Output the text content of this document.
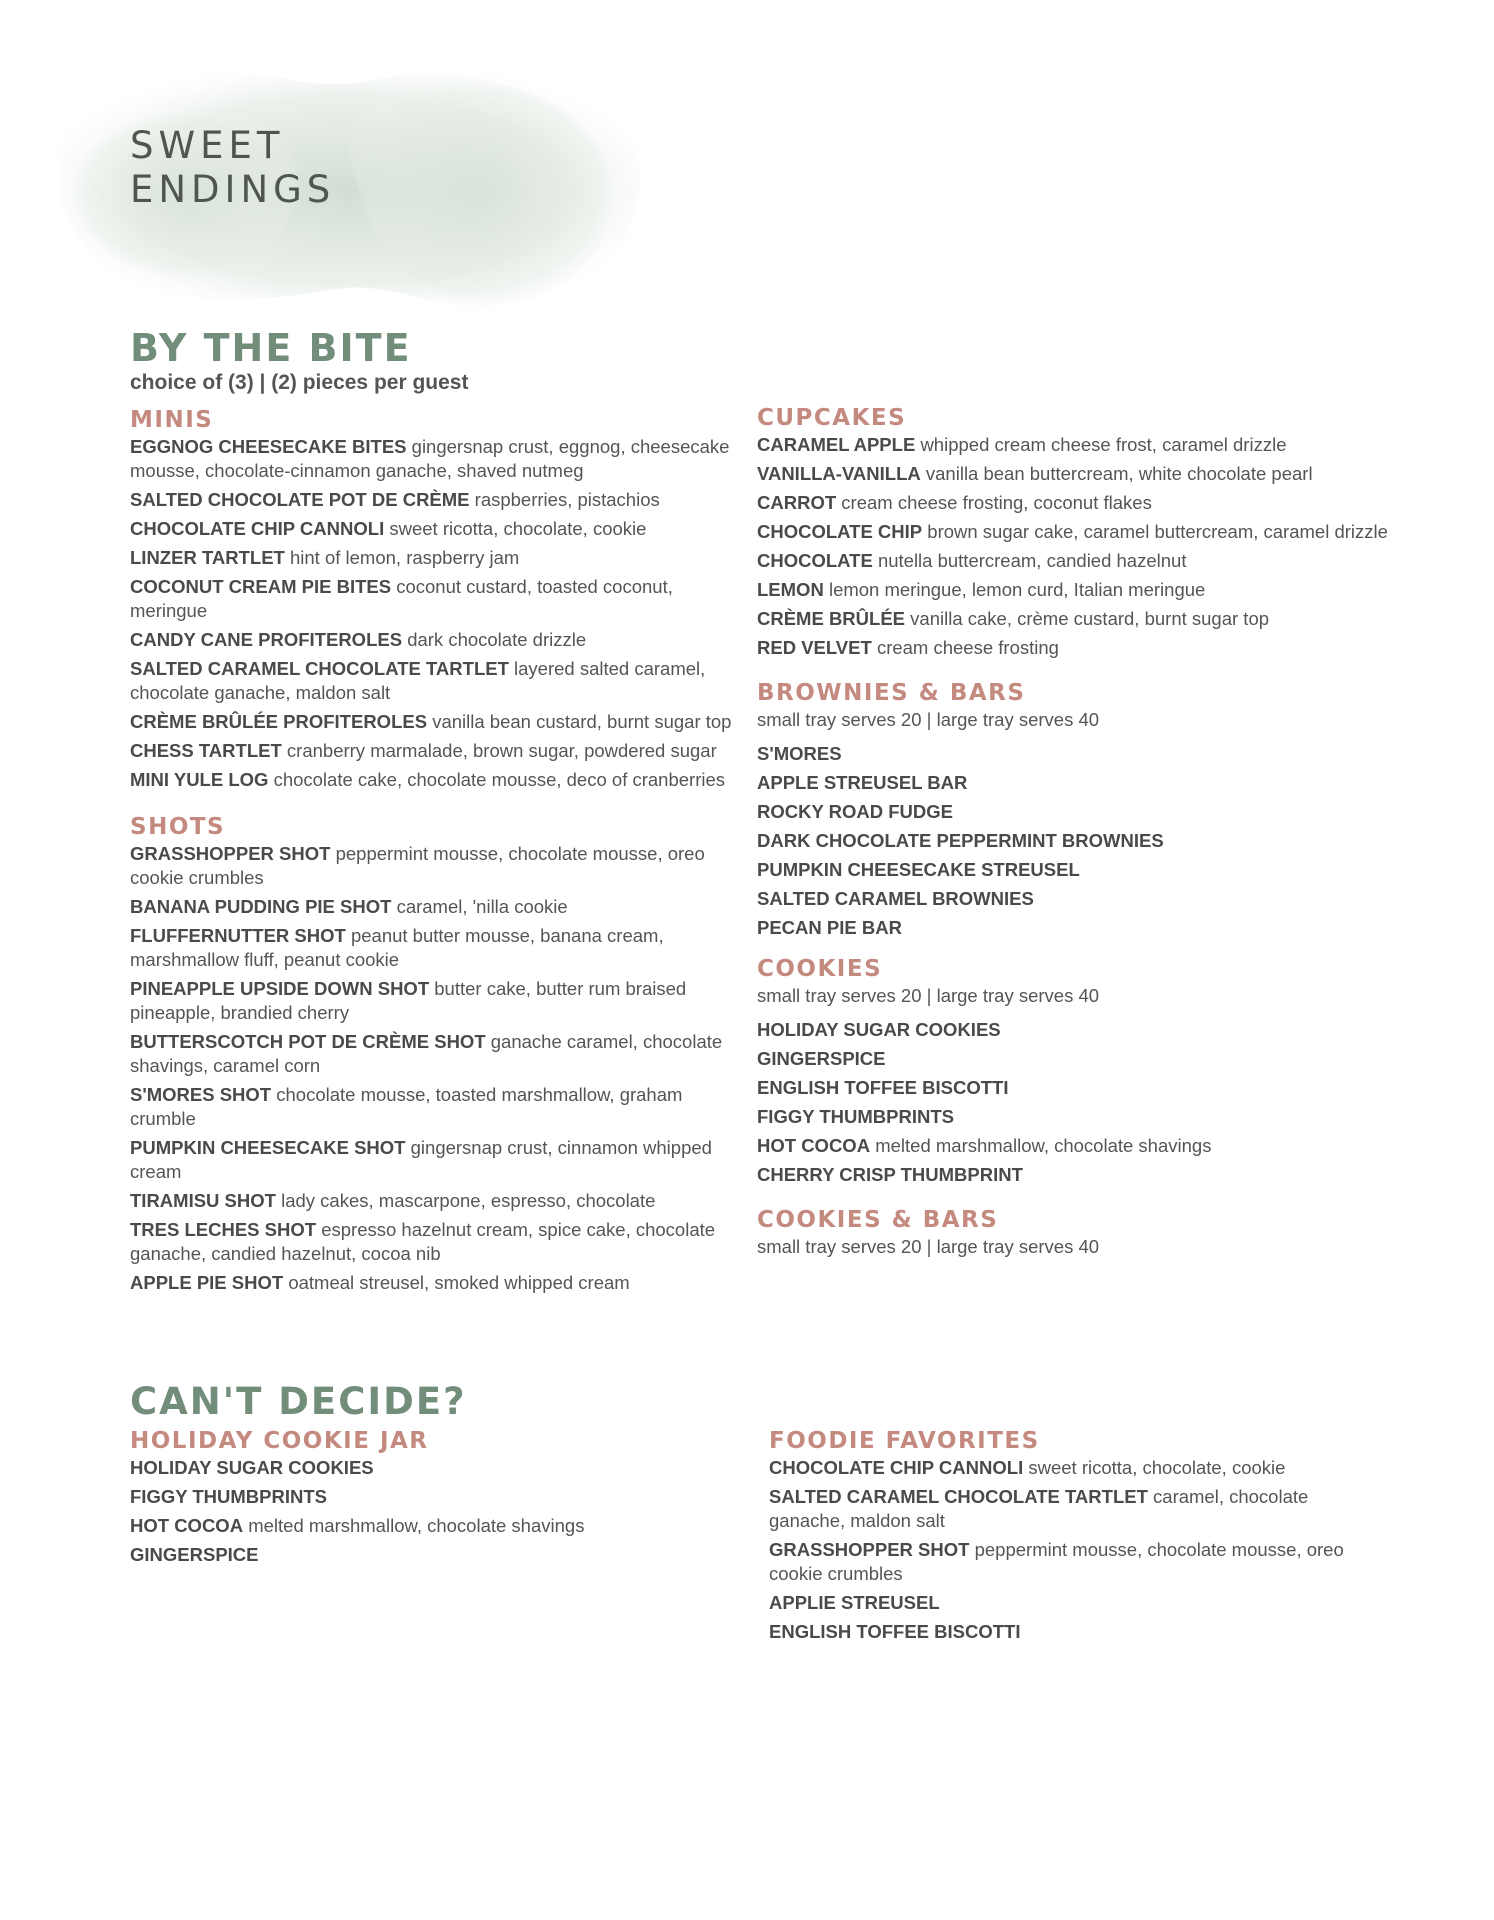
SWEET
ENDINGS
BY THE BITE

choice of (3) | (2) pieces per guest

MINIS

EGGNOG CHEESECAKE BITES gingersnap crust, eggnog, cheesecake mousse, chocolate-cinnamon ganache, shaved nutmeg

SALTED CHOCOLATE POT DE CRÈME raspberries, pistachios

CHOCOLATE CHIP CANNOLI sweet ricotta, chocolate, cookie

LINZER TARTLET hint of lemon, raspberry jam

COCONUT CREAM PIE BITES coconut custard, toasted coconut, meringue

CANDY CANE PROFITEROLES dark chocolate drizzle

SALTED CARAMEL CHOCOLATE TARTLET layered salted caramel, chocolate ganache, maldon salt

CRÈME BRÛLÉE PROFITEROLES vanilla bean custard, burnt sugar top

CHESS TARTLET cranberry marmalade, brown sugar, powdered sugar

MINI YULE LOG chocolate cake, chocolate mousse, deco of cranberries

SHOTS

GRASSHOPPER SHOT peppermint mousse, chocolate mousse, oreo cookie crumbles

BANANA PUDDING PIE SHOT caramel, 'nilla cookie

FLUFFERNUTTER SHOT peanut butter mousse, banana cream, marshmallow fluff, peanut cookie

PINEAPPLE UPSIDE DOWN SHOT butter cake, butter rum braised pineapple, brandied cherry

BUTTERSCOTCH POT DE CRÈME SHOT ganache caramel, chocolate shavings, caramel corn

S'MORES SHOT chocolate mousse, toasted marshmallow, graham crumble

PUMPKIN CHEESECAKE SHOT gingersnap crust, cinnamon whipped cream

TIRAMISU SHOT lady cakes, mascarpone, espresso, chocolate

TRES LECHES SHOT espresso hazelnut cream, spice cake, chocolate ganache, candied hazelnut, cocoa nib

APPLE PIE SHOT oatmeal streusel, smoked whipped cream

CUPCAKES

CARAMEL APPLE whipped cream cheese frost, caramel drizzle

VANILLA-VANILLA vanilla bean buttercream, white chocolate pearl

CARROT cream cheese frosting, coconut flakes

CHOCOLATE CHIP brown sugar cake, caramel buttercream, caramel drizzle

CHOCOLATE nutella buttercream, candied hazelnut

LEMON lemon meringue, lemon curd, Italian meringue

CRÈME BRÛLÉE vanilla cake, crème custard, burnt sugar top

RED VELVET cream cheese frosting

BROWNIES & BARS

small tray serves 20 | large tray serves 40

S'MORES

APPLE STREUSEL BAR

ROCKY ROAD FUDGE

DARK CHOCOLATE PEPPERMINT BROWNIES

PUMPKIN CHEESECAKE STREUSEL

SALTED CARAMEL BROWNIES

PECAN PIE BAR

COOKIES

small tray serves 20 | large tray serves 40

HOLIDAY SUGAR COOKIES

GINGERSPICE

ENGLISH TOFFEE BISCOTTI

FIGGY THUMBPRINTS

HOT COCOA melted marshmallow, chocolate shavings

CHERRY CRISP THUMBPRINT

COOKIES & BARS

small tray serves 20 | large tray serves 40

CAN'T DECIDE?
HOLIDAY COOKIE JAR

HOLIDAY SUGAR COOKIES

FIGGY THUMBPRINTS

HOT COCOA melted marshmallow, chocolate shavings

GINGERSPICE

FOODIE FAVORITES

CHOCOLATE CHIP CANNOLI sweet ricotta, chocolate, cookie

SALTED CARAMEL CHOCOLATE TARTLET caramel, chocolate ganache, maldon salt

GRASSHOPPER SHOT peppermint mousse, chocolate mousse, oreo cookie crumbles

APPLIE STREUSEL

ENGLISH TOFFEE BISCOTTI
